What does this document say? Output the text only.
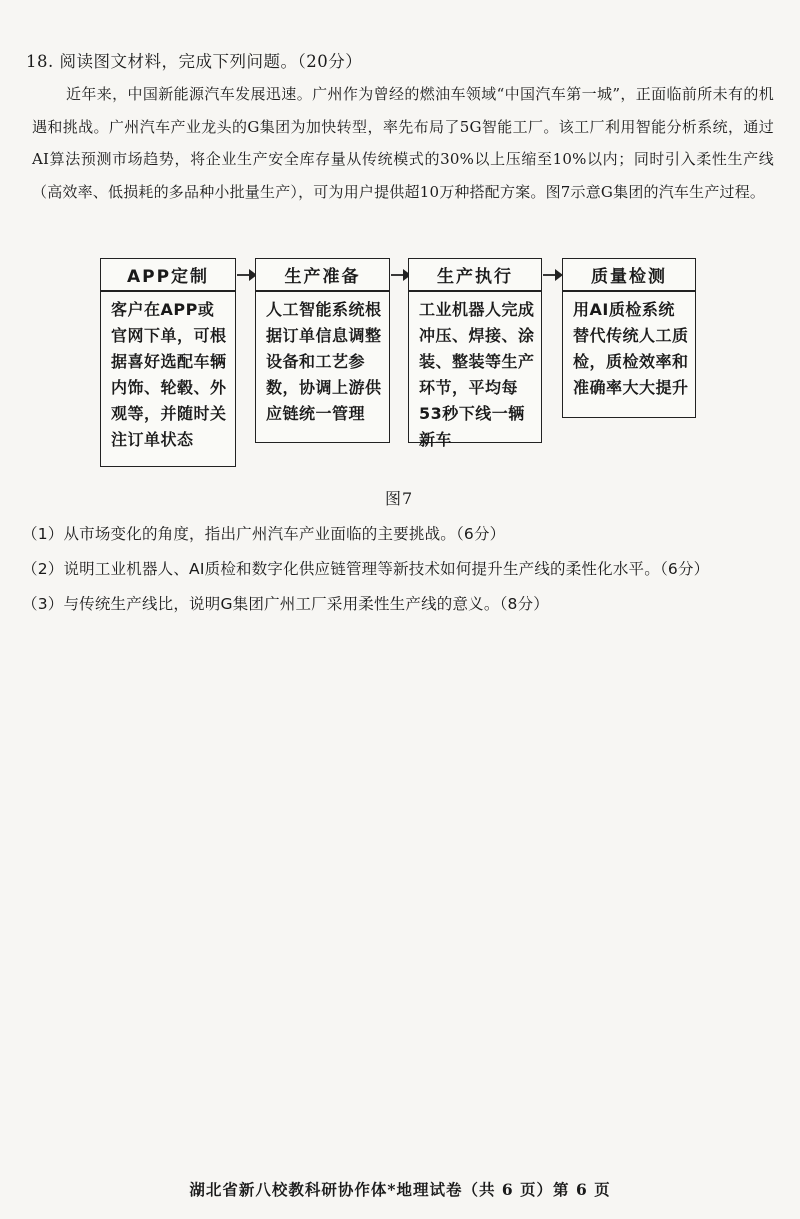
18. 阅读图文材料，完成下列问题。（20分）
近年来，中国新能源汽车发展迅速。广州作为曾经的燃油车领域“中国汽车第一城”，正面临前所未有的机遇和挑战。广州汽车产业龙头的G集团为加快转型，率先布局了5G智能工厂。该工厂利用智能分析系统，通过AI算法预测市场趋势，将企业生产安全库存量从传统模式的30%以上压缩至10%以内；同时引入柔性生产线（高效率、低损耗的多品种小批量生产），可为用户提供超10万种搭配方案。图7示意G集团的汽车生产过程。
APP定制
客户在APP或官网下单，可根据喜好选配车辆内饰、轮毂、外观等，并随时关注订单状态
生产准备
人工智能系统根据订单信息调整设备和工艺参数，协调上游供应链统一管理
生产执行
工业机器人完成冲压、焊接、涂装、整装等生产环节，平均每53秒下线一辆新车
质量检测
用AI质检系统替代传统人工质检，质检效率和准确率大大提升
图7
（1）从市场变化的角度，指出广州汽车产业面临的主要挑战。（6分）
（2）说明工业机器人、AI质检和数字化供应链管理等新技术如何提升生产线的柔性化水平。（6分）
（3）与传统生产线比，说明G集团广州工厂采用柔性生产线的意义。（8分）
湖北省新八校教科研协作体*地理试卷（共 6 页）第 6 页
